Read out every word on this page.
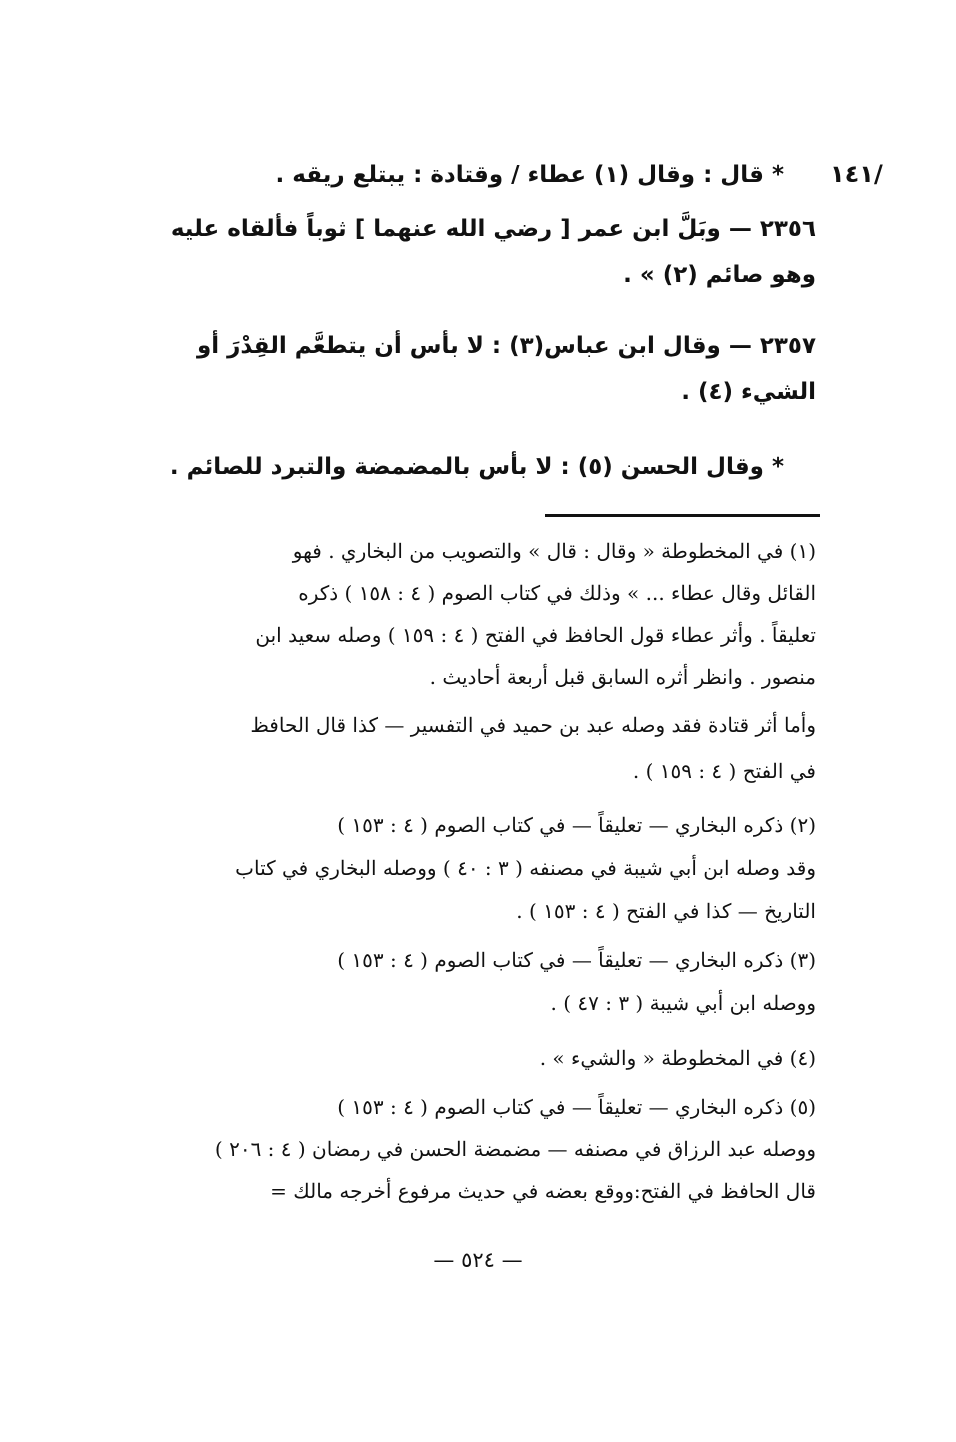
١٤١/
* قال : وقال (١) عطاء / وقتادة : يبتلع ريقه .
٢٣٥٦ — وبَلَّ ابن عمر [ رضي الله عنهما ] ثوباً فألقاه عليه
وهو صائم (٢) » .
٢٣٥٧ — وقال ابن عباس(٣) : لا بأس أن يتطعَّم القِدْرَ أو
الشيء (٤) .
* وقال الحسن (٥) : لا بأس بالمضمضة والتبرد للصائم .
(١) في المخطوطة « وقال : قال » والتصويب من البخاري . فهو
القائل وقال عطاء ... » وذلك في كتاب الصوم ( ٤ : ١٥٨ ) ذكره
تعليقاً . وأثر عطاء قول الحافظ في الفتح ( ٤ : ١٥٩ ) وصله سعيد ابن
منصور . وانظر أثره السابق قبل أربعة أحاديث .
وأما أثر قتادة فقد وصله عبد بن حميد في التفسير — كذا قال الحافظ
في الفتح ( ٤ : ١٥٩ ) .
(٢) ذكره البخاري — تعليقاً — في كتاب الصوم ( ٤ : ١٥٣ )
وقد وصله ابن أبي شيبة في مصنفه ( ٣ : ٤٠ ) ووصله البخاري في كتاب
التاريخ — كذا في الفتح ( ٤ : ١٥٣ ) .
(٣) ذكره البخاري — تعليقاً — في كتاب الصوم ( ٤ : ١٥٣ )
ووصله ابن أبي شيبة ( ٣ : ٤٧ ) .
(٤) في المخطوطة « والشيء » .
(٥) ذكره البخاري — تعليقاً — في كتاب الصوم ( ٤ : ١٥٣ )
ووصله عبد الرزاق في مصنفه — مضمضة الحسن في رمضان ( ٤ : ٢٠٦ )
قال الحافظ في الفتح:ووقع بعضه في حديث مرفوع أخرجه مالك =
— ٥٢٤ —
